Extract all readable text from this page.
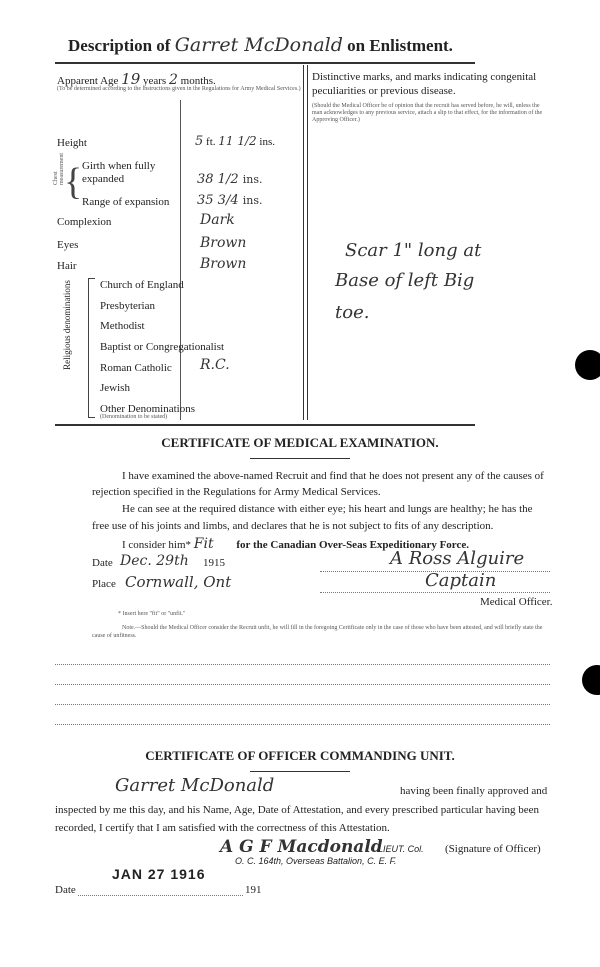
Description of Garret McDonald on Enlistment.
Apparent Age 19 years 2 months.
(To be determined according to the instructions given in the Regulations for Army Medical Services.)
Height	5 ft. 11 1/2 ins.
Chest measurement { Girth when fully expanded	38 1/2 ins.
Range of expansion 35 3/4 ins.
Complexion	Dark
Eyes	Brown
Hair	Brown
Religious denominations	Church of England
Presbyterian
Methodist
Baptist or Congregationalist
Roman Catholic R.C.
Jewish
Other Denominations
(Denomination to be stated)
Distinctive marks, and marks indicating congenital peculiarities or previous disease.
(Should the Medical Officer be of opinion that the recruit has served before, he will, unless the man acknowledges to any previous service, attach a slip to that effect, for the information of the Approving Officer.)
Scar 1" long at
Base of left Big
toe.
CERTIFICATE OF MEDICAL EXAMINATION.
I have examined the above-named Recruit and find that he does not present any of the causes of rejection specified in the Regulations for Army Medical Services.
He can see at the required distance with either eye; his heart and lungs are healthy; he has the free use of his joints and limbs, and declares that he is not subject to fits of any description.
I consider him* Fit for the Canadian Over-Seas Expeditionary Force.
Date Dec. 29th 1915
Place Cornwall, Ont
A Ross Alguire
Captain
Medical Officer.
* Insert here "fit" or "unfit."
Note.—Should the Medical Officer consider the Recruit unfit, he will fill in the foregoing Certificate only in the case of those who have been attested, and will briefly state the cause of unfitness.
CERTIFICATE OF OFFICER COMMANDING UNIT.
Garret McDonald	having been finally approved and
inspected by me this day, and his Name, Age, Date of Attestation, and every prescribed particular having been recorded, I certify that I am satisfied with the correctness of this Attestation.
A G F Macdonald
LIEUT. Col. (Signature of Officer)
O. C. 164th, Overseas Battalion, C. E. F.
JAN 27 1916
Date	191
